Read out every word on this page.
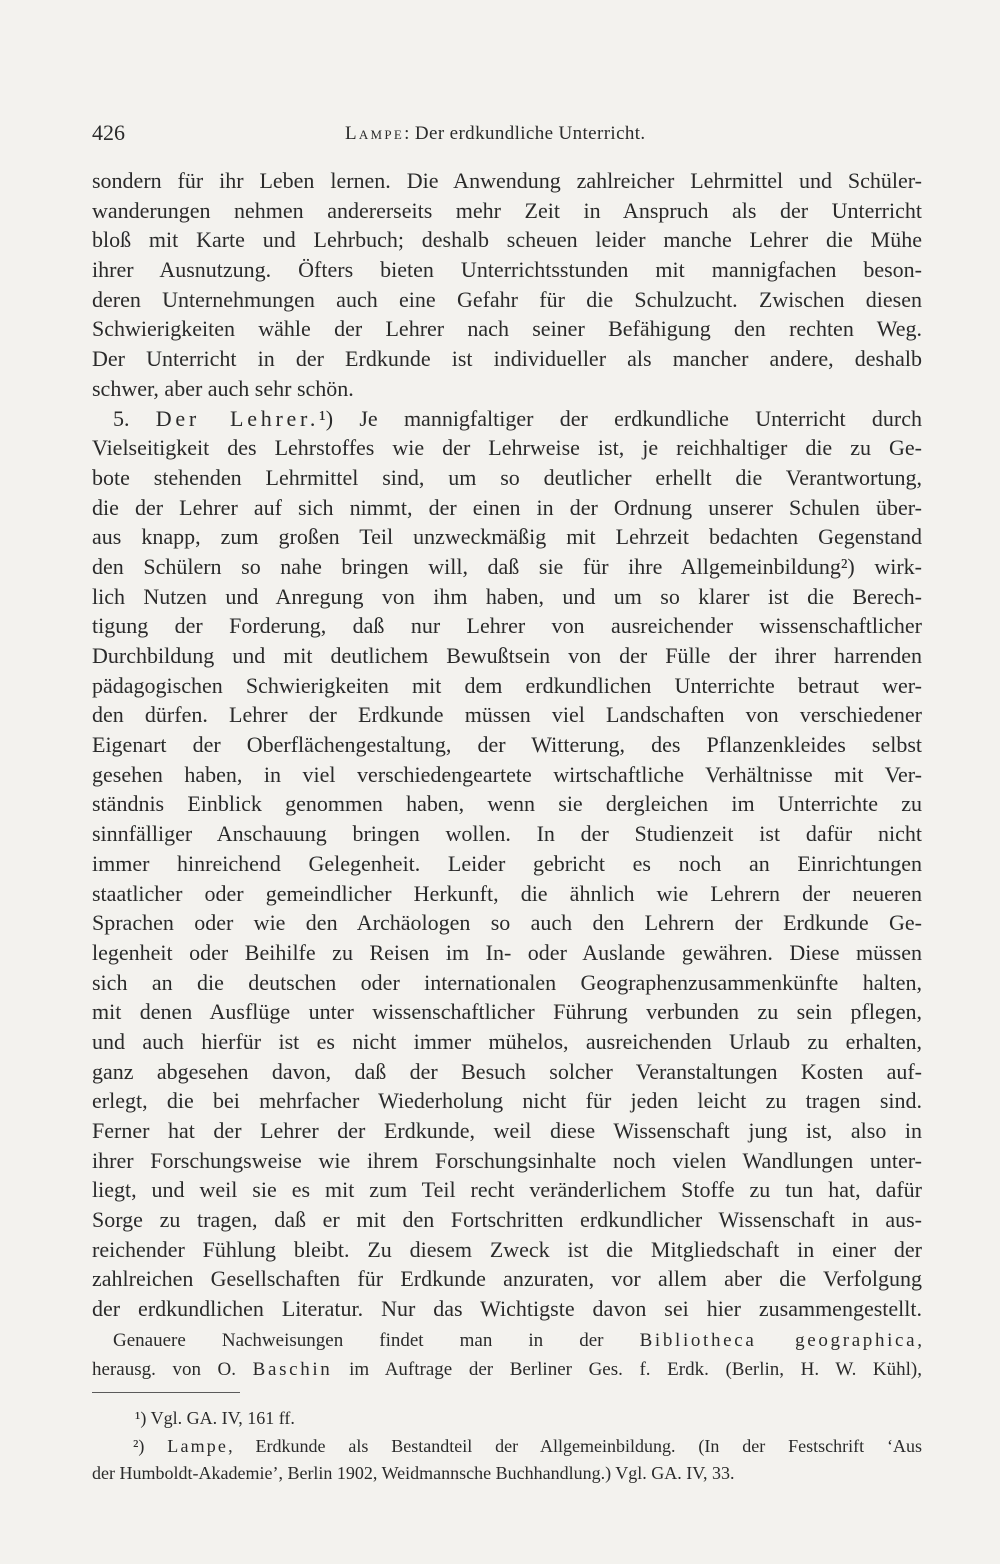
426	Lampe: Der erdkundliche Unterricht.
sondern für ihr Leben lernen. Die Anwendung zahlreicher Lehrmittel und Schüler-
wanderungen nehmen andererseits mehr Zeit in Anspruch als der Unterricht
bloß mit Karte und Lehrbuch; deshalb scheuen leider manche Lehrer die Mühe
ihrer Ausnutzung. Öfters bieten Unterrichtsstunden mit mannigfachen beson-
deren Unternehmungen auch eine Gefahr für die Schulzucht. Zwischen diesen
Schwierigkeiten wähle der Lehrer nach seiner Befähigung den rechten Weg.
Der Unterricht in der Erdkunde ist individueller als mancher andere, deshalb
schwer, aber auch sehr schön.
5. Der Lehrer.¹) Je mannigfaltiger der erdkundliche Unterricht durch
Vielseitigkeit des Lehrstoffes wie der Lehrweise ist, je reichhaltiger die zu Ge-
bote stehenden Lehrmittel sind, um so deutlicher erhellt die Verantwortung,
die der Lehrer auf sich nimmt, der einen in der Ordnung unserer Schulen über-
aus knapp, zum großen Teil unzweckmäßig mit Lehrzeit bedachten Gegenstand
den Schülern so nahe bringen will, daß sie für ihre Allgemeinbildung²) wirk-
lich Nutzen und Anregung von ihm haben, und um so klarer ist die Berech-
tigung der Forderung, daß nur Lehrer von ausreichender wissenschaftlicher
Durchbildung und mit deutlichem Bewußtsein von der Fülle der ihrer harrenden
pädagogischen Schwierigkeiten mit dem erdkundlichen Unterrichte betraut wer-
den dürfen. Lehrer der Erdkunde müssen viel Landschaften von verschiedener
Eigenart der Oberflächengestaltung, der Witterung, des Pflanzenkleides selbst
gesehen haben, in viel verschiedengeartete wirtschaftliche Verhältnisse mit Ver-
ständnis Einblick genommen haben, wenn sie dergleichen im Unterrichte zu
sinnfälliger Anschauung bringen wollen. In der Studienzeit ist dafür nicht
immer hinreichend Gelegenheit. Leider gebricht es noch an Einrichtungen
staatlicher oder gemeindlicher Herkunft, die ähnlich wie Lehrern der neueren
Sprachen oder wie den Archäologen so auch den Lehrern der Erdkunde Ge-
legenheit oder Beihilfe zu Reisen im In- oder Auslande gewähren. Diese müssen
sich an die deutschen oder internationalen Geographenzusammenkünfte halten,
mit denen Ausflüge unter wissenschaftlicher Führung verbunden zu sein pflegen,
und auch hierfür ist es nicht immer mühelos, ausreichenden Urlaub zu erhalten,
ganz abgesehen davon, daß der Besuch solcher Veranstaltungen Kosten auf-
erlegt, die bei mehrfacher Wiederholung nicht für jeden leicht zu tragen sind.
Ferner hat der Lehrer der Erdkunde, weil diese Wissenschaft jung ist, also in
ihrer Forschungsweise wie ihrem Forschungsinhalte noch vielen Wandlungen unter-
liegt, und weil sie es mit zum Teil recht veränderlichem Stoffe zu tun hat, dafür
Sorge zu tragen, daß er mit den Fortschritten erdkundlicher Wissenschaft in aus-
reichender Fühlung bleibt. Zu diesem Zweck ist die Mitgliedschaft in einer der
zahlreichen Gesellschaften für Erdkunde anzuraten, vor allem aber die Verfolgung
der erdkundlichen Literatur. Nur das Wichtigste davon sei hier zusammengestellt.
Genauere Nachweisungen findet man in der Bibliotheca geographica,
herausg. von O. Baschin im Auftrage der Berliner Ges. f. Erdk. (Berlin, H. W. Kühl),
¹) Vgl. GA. IV, 161 ff.
²) Lampe, Erdkunde als Bestandteil der Allgemeinbildung. (In der Festschrift ‘Aus
der Humboldt-Akademie’, Berlin 1902, Weidmannsche Buchhandlung.) Vgl. GA. IV, 33.
